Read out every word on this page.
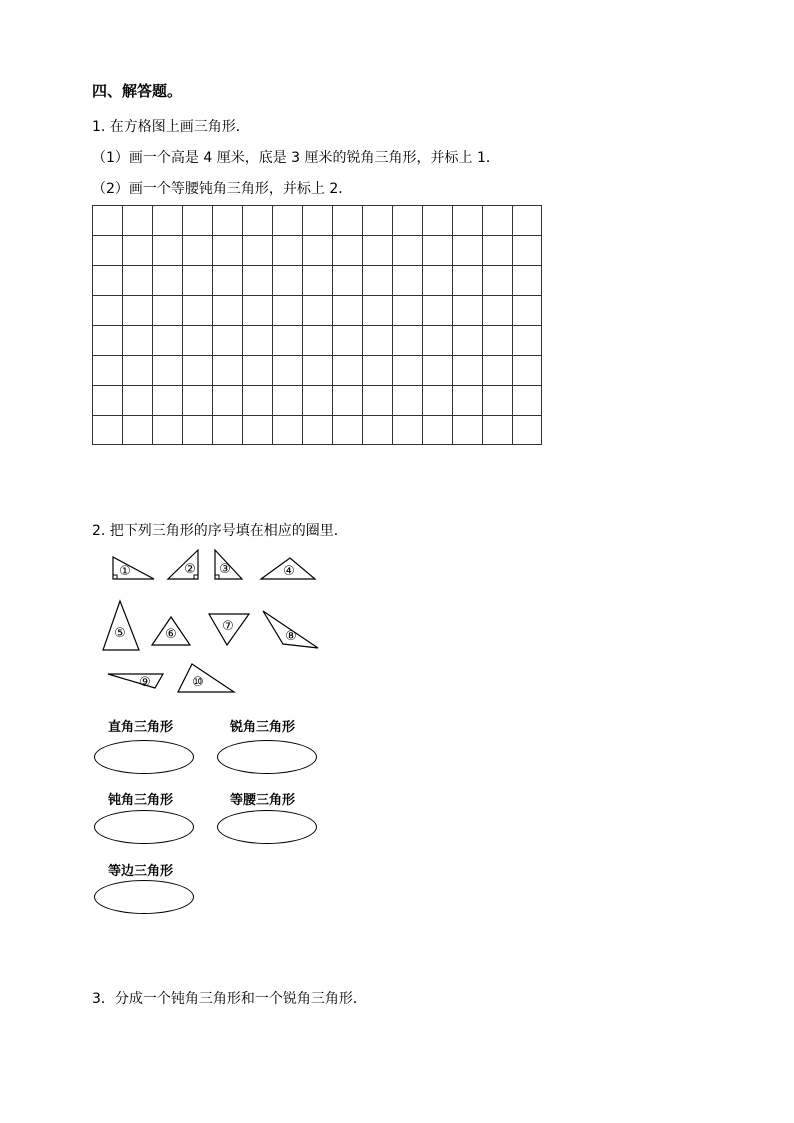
四、解答题。
1. 在方格图上画三角形．
（1）画一个高是 4 厘米，底是 3 厘米的锐角三角形，并标上 1．
（2）画一个等腰钝角三角形，并标上 2．
2. 把下列三角形的序号填在相应的圈里．
①	② ③	④
⑤	⑥
⑦
⑧
⑨	⑩
直角三角形	锐角三角形
钝角三角形	等腰三角形
等边三角形
3．分成一个钝角三角形和一个锐角三角形．
